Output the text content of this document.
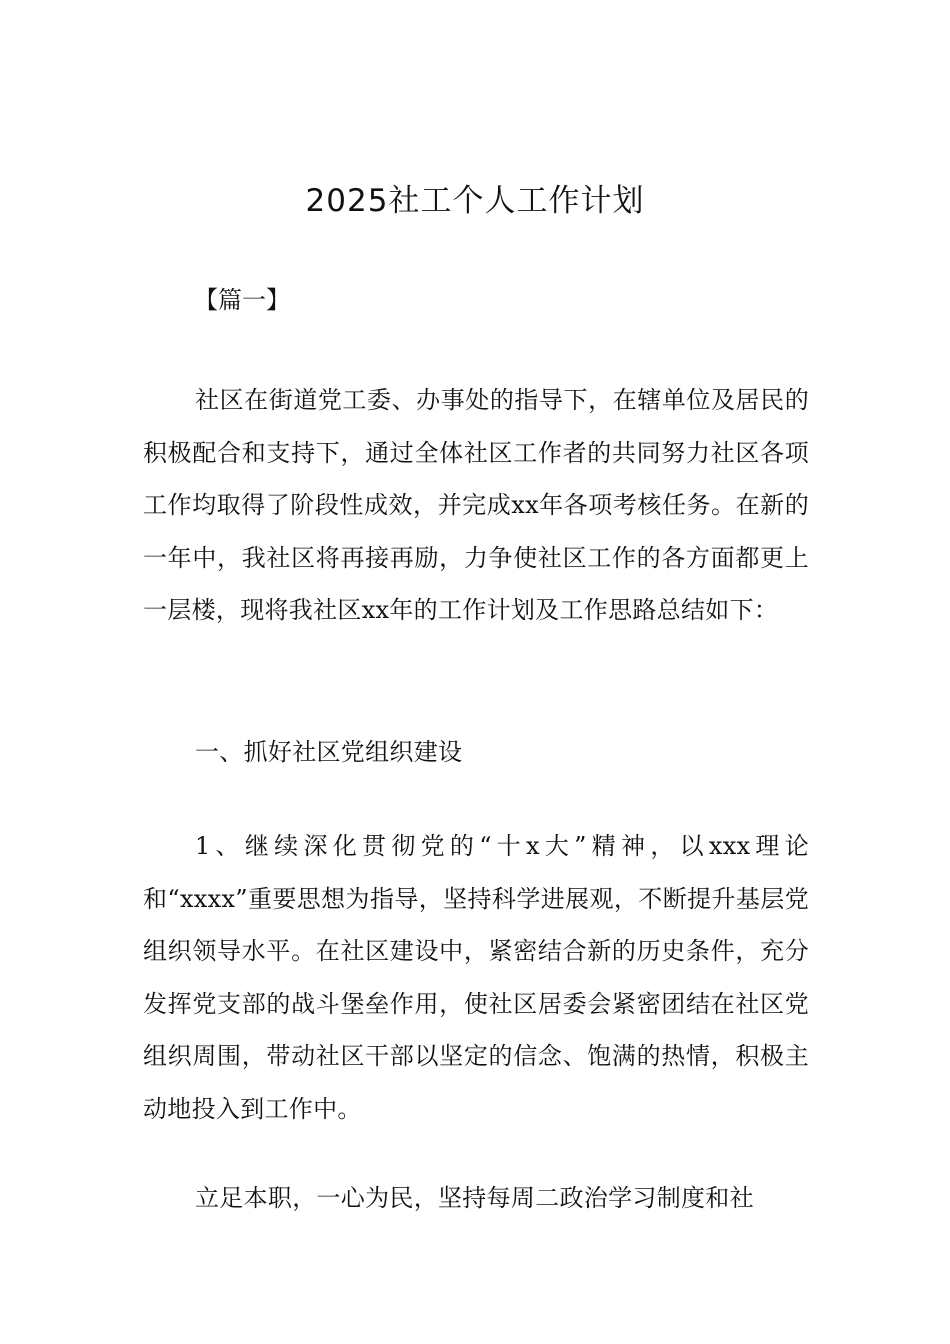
2025社工个人工作计划

【篇一】

社区在街道党工委、办事处的指导下，在辖单位及居民的积极配合和支持下，通过全体社区工作者的共同努力社区各项工作均取得了阶段性成效，并完成xx年各项考核任务。在新的一年中，我社区将再接再励，力争使社区工作的各方面都更上一层楼，现将我社区xx年的工作计划及工作思路总结如下：

一、抓好社区党组织建设

1、继续深化贯彻党的“十x大”精神，以xxx理论和“xxxx”重要思想为指导，坚持科学进展观，不断提升基层党组织领导水平。在社区建设中，紧密结合新的历史条件，充分发挥党支部的战斗堡垒作用，使社区居委会紧密团结在社区党组织周围，带动社区干部以坚定的信念、饱满的热情，积极主动地投入到工作中。

立足本职，一心为民，坚持每周二政治学习制度和社
